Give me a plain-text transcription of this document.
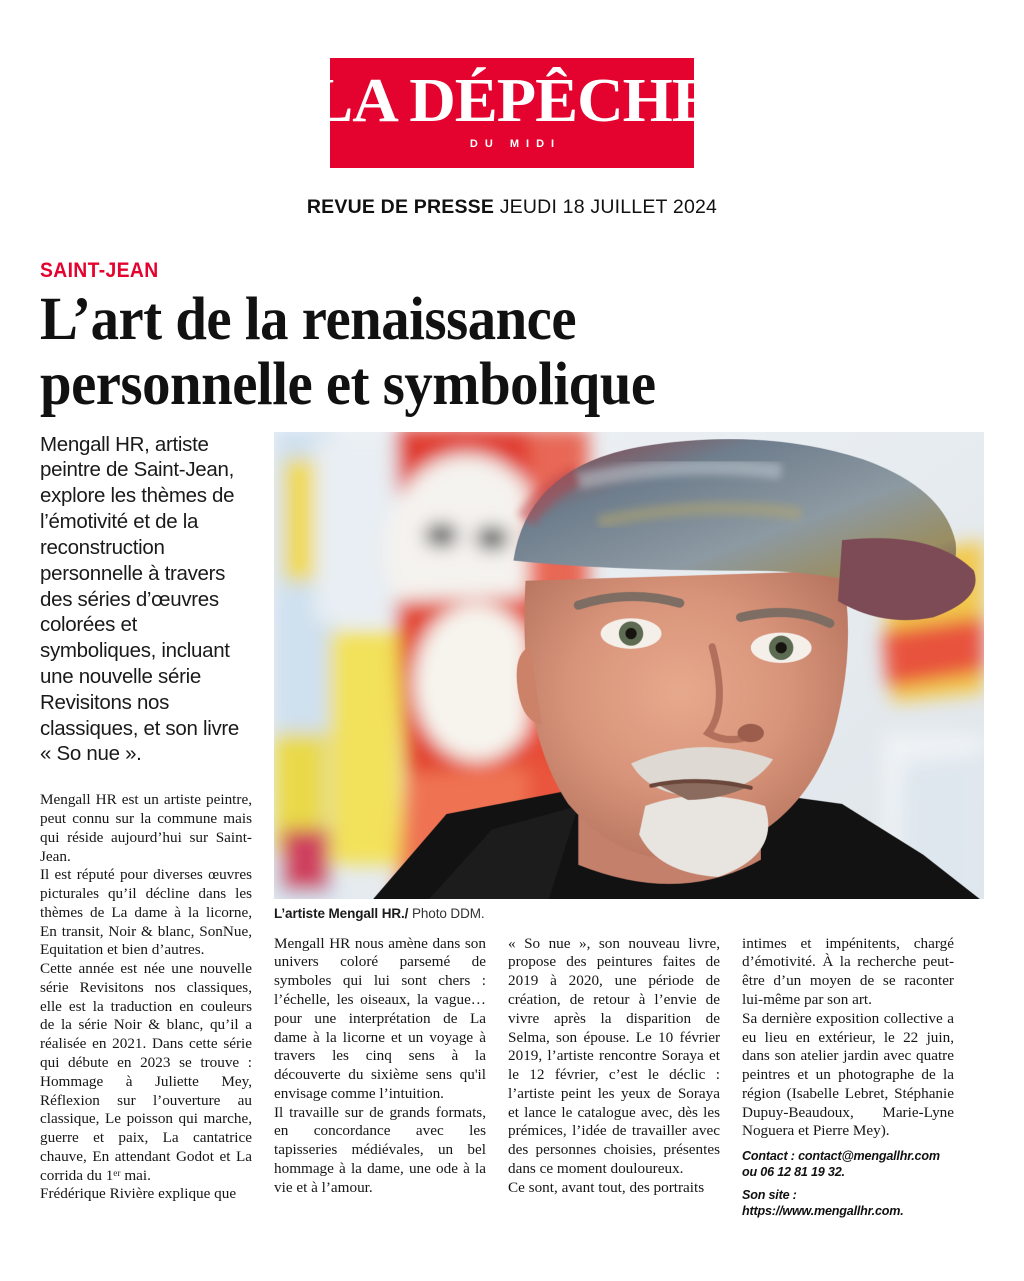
LA DÉPÊCHE
DU MIDI
REVUE DE PRESSE JEUDI 18 JUILLET 2024
SAINT-JEAN
L’art de la renaissance
personnelle et symbolique

Mengall HR, artiste peintre de Saint-Jean, explore les thèmes de l’émotivité et de la reconstruction personnelle à travers des séries d’œuvres colorées et symboliques, incluant une nouvelle série Revisitons nos classiques, et son livre « So nue ».

Mengall HR est un artiste peintre, peut connu sur la commune mais qui réside aujourd’hui sur Saint-Jean.

Il est réputé pour diverses œuvres picturales qu’il décline dans les thèmes de La dame à la licorne, En transit, Noir & blanc, SonNue, Equitation et bien d’autres.

Cette année est née une nouvelle série Revisitons nos classiques, elle est la traduction en couleurs de la série Noir & blanc, qu’il a réalisée en 2021. Dans cette série qui débute en 2023 se trouve : Hommage à Juliette Mey, Réflexion sur l’ouverture au classique, Le poisson qui marche, guerre et paix, La cantatrice chauve, En attendant Godot et La corrida du 1ᵉʳ mai.

Frédérique Rivière explique que

L’artiste Mengall HR./ Photo DDM.

Mengall HR nous amène dans son univers coloré parsemé de symboles qui lui sont chers : l’échelle, les oiseaux, la vague… pour une interprétation de La dame à la licorne et un voyage à travers les cinq sens à la découverte du sixième sens qu'il envisage comme l’intuition.

Il travaille sur de grands formats, en concordance avec les tapisseries médiévales, un bel hommage à la dame, une ode à la vie et à l’amour.

« So nue », son nouveau livre, propose des peintures faites de 2019 à 2020, une période de création, de retour à l’envie de vivre après la disparition de Selma, son épouse. Le 10 février 2019, l’artiste rencontre Soraya et le 12 février, c’est le déclic : l’artiste peint les yeux de Soraya et lance le catalogue avec, dès les prémices, l’idée de travailler avec des personnes choisies, présentes dans ce moment douloureux.

Ce sont, avant tout, des portraits

intimes et impénitents, chargé d’émotivité. À la recherche peut-être d’un moyen de se raconter lui-même par son art.

Sa dernière exposition collective a eu lieu en extérieur, le 22 juin, dans son atelier jardin avec quatre peintres et un photographe de la région (Isabelle Lebret, Stéphanie Dupuy-Beaudoux, Marie-Lyne Noguera et Pierre Mey).

Contact : contact@mengallhr.com ou 06 12 81 19 32.
Son site : https://www.mengallhr.com.
